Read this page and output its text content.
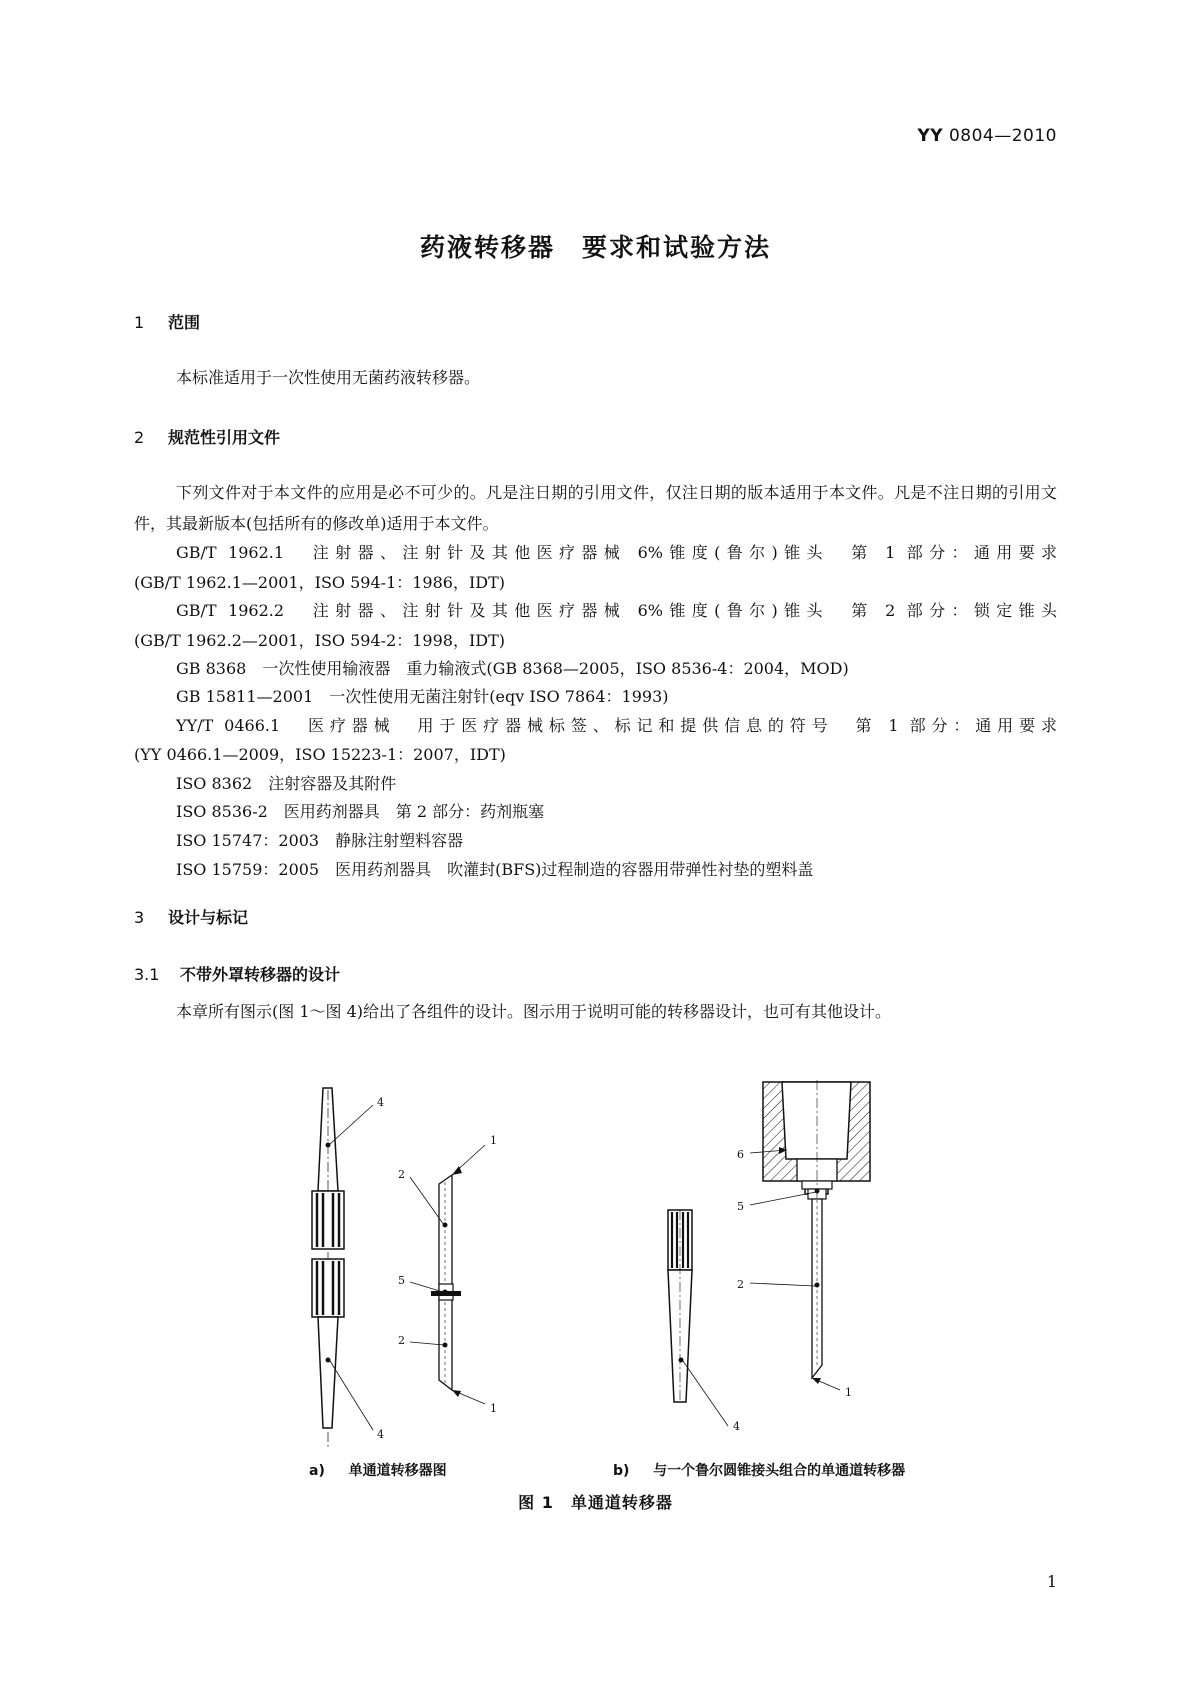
YY 0804—2010
药液转移器　要求和试验方法
1 范围
本标准适用于一次性使用无菌药液转移器。
2 规范性引用文件
下列文件对于本文件的应用是必不可少的。凡是注日期的引用文件，仅注日期的版本适用于本文件。凡是不注日期的引用文件，其最新版本(包括所有的修改单)适用于本文件。
GB/T 1962.1　注射器、注射针及其他医疗器械 6%锥度(鲁尔)锥头　第 1 部分：通用要求
(GB/T 1962.1—2001，ISO 594-1：1986，IDT)
GB/T 1962.2　注射器、注射针及其他医疗器械 6%锥度(鲁尔)锥头　第 2 部分：锁定锥头
(GB/T 1962.2—2001，ISO 594-2：1998，IDT)
GB 8368　一次性使用输液器　重力输液式(GB 8368—2005，ISO 8536-4：2004，MOD)
GB 15811—2001　一次性使用无菌注射针(eqv ISO 7864：1993)
YY/T 0466.1　医疗器械　用于医疗器械标签、标记和提供信息的符号　第 1 部分：通用要求
(YY 0466.1—2009，ISO 15223-1：2007，IDT)
ISO 8362　注射容器及其附件
ISO 8536-2　医用药剂器具　第 2 部分：药剂瓶塞
ISO 15747：2003　静脉注射塑料容器
ISO 15759：2005　医用药剂器具　吹灌封(BFS)过程制造的容器用带弹性衬垫的塑料盖
3 设计与标记
3.1 不带外罩转移器的设计
本章所有图示(图 1～图 4)给出了各组件的设计。图示用于说明可能的转移器设计，也可有其他设计。
4
4
1
2
5
2
1
4
6
5
2
1
a) 单通道转移器图	b) 与一个鲁尔圆锥接头组合的单通道转移器
图 1　单通道转移器
1
